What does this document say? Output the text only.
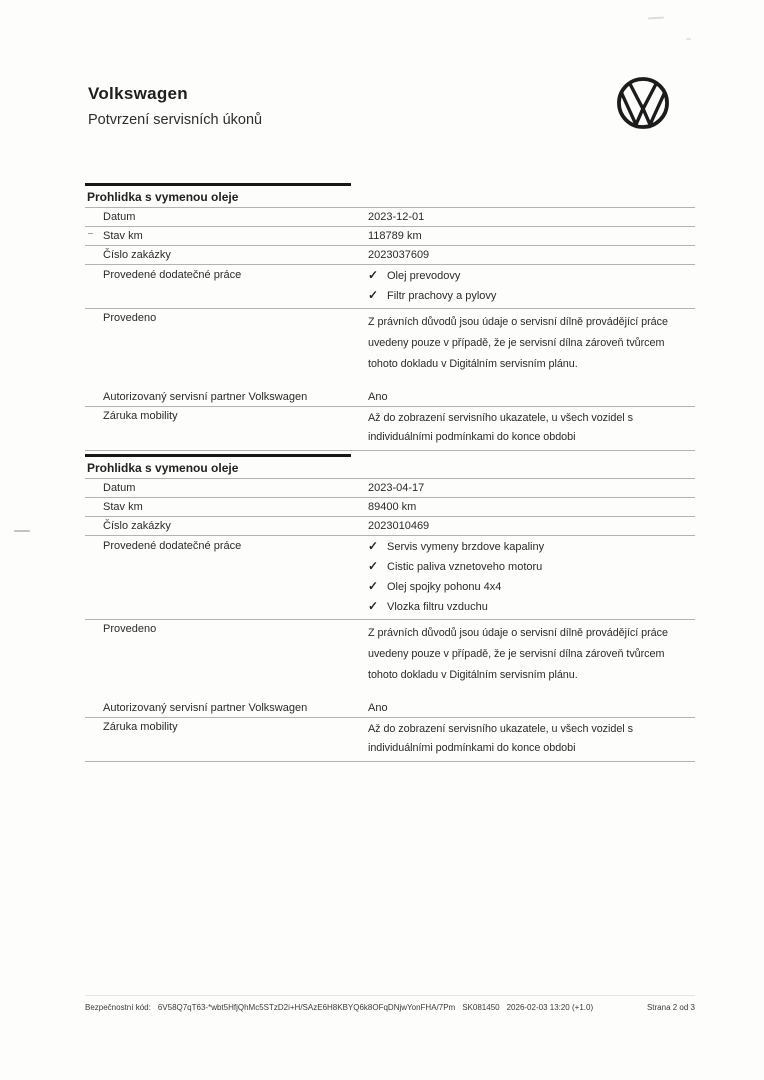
Volkswagen
Potvrzení servisních úkonů
Prohlidka s vymenou oleje
Datum	2023-12-01
Stav km	118789 km
Číslo zakázky	2023037609
Provedené dodatečné práce	✓ Olej prevodovy
✓ Filtr prachovy a pylovy
Provedeno	Z právních důvodů jsou údaje o servisní dílně provádějící práce uvedeny pouze v případě, že je servisní dílna zároveň tvůrcem tohoto dokladu v Digitálním servisním plánu.
Autorizovaný servisní partner Volkswagen	Ano
Záruka mobility	Až do zobrazení servisního ukazatele, u všech vozidel s individuálními podmínkami do konce obdobi
Prohlidka s vymenou oleje
Datum	2023-04-17
Stav km	89400 km
Číslo zakázky	2023010469
Provedené dodatečné práce	✓ Servis vymeny brzdove kapaliny
✓ Cistic paliva vznetoveho motoru
✓ Olej spojky pohonu 4x4
✓ Vlozka filtru vzduchu
Provedeno	Z právních důvodů jsou údaje o servisní dílně provádějící práce uvedeny pouze v případě, že je servisní dílna zároveň tvůrcem tohoto dokladu v Digitálním servisním plánu.
Autorizovaný servisní partner Volkswagen	Ano
Záruka mobility	Až do zobrazení servisního ukazatele, u všech vozidel s individuálními podmínkami do konce obdobi
Bezpečnostní kód: 6V58Q7qT63-*wbt5HfjQhMc5STzD2i+H/SAzE6H8KBYQ6k8OFqDNjwYonFHA/7Pm SK081450 2026-02-03 13:20 (+1.0)	Strana 2 od 3
